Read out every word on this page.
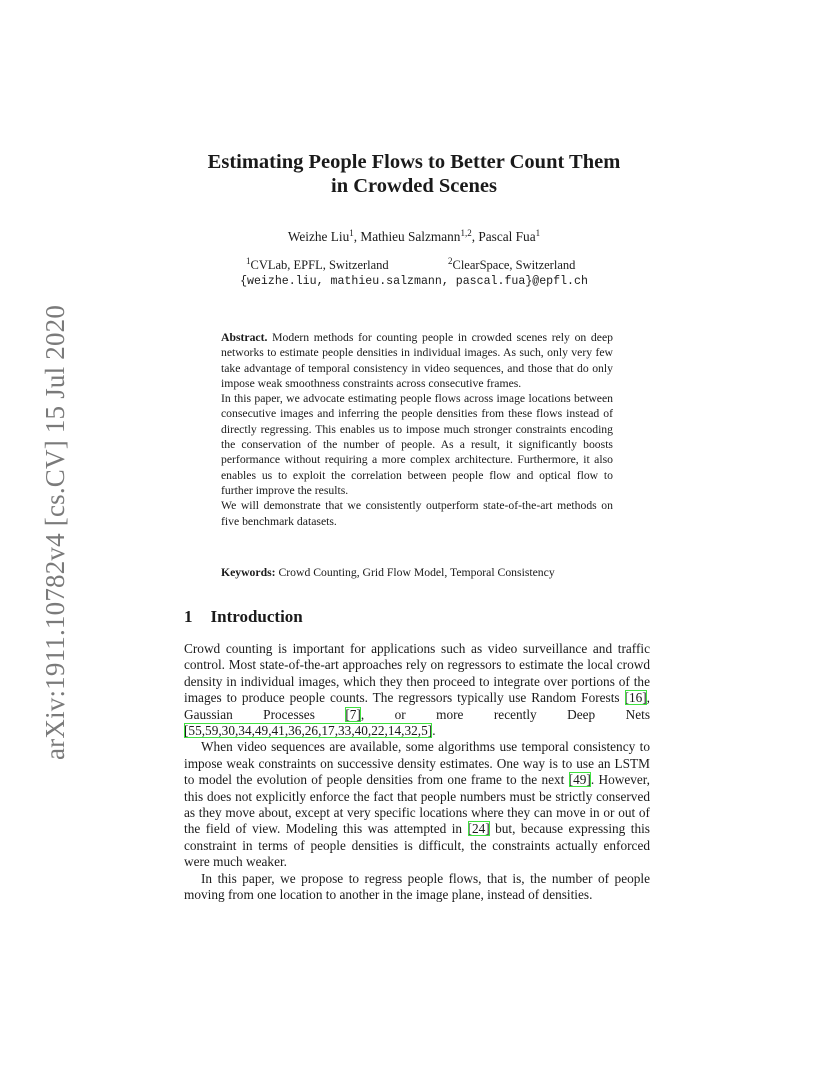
arXiv:1911.10782v4 [cs.CV] 15 Jul 2020
Estimating People Flows to Better Count Them
in Crowded Scenes
Weizhe Liu$^1$, Mathieu Salzmann$^{1,2}$, Pascal Fua$^1$
$^1$CVLab, EPFL, Switzerland	$^2$ClearSpace, Switzerland
{weizhe.liu, mathieu.salzmann, pascal.fua}@epfl.ch

Abstract. Modern methods for counting people in crowded scenes rely on deep networks to estimate people densities in individual images. As such, only very few take advantage of temporal consistency in video sequences, and those that do only impose weak smoothness constraints across consecutive frames.

In this paper, we advocate estimating people flows across image locations between consecutive images and inferring the people densities from these flows instead of directly regressing. This enables us to impose much stronger constraints encoding the conservation of the number of people. As a result, it significantly boosts performance without requiring a more complex architecture. Furthermore, it also enables us to exploit the correlation between people flow and optical flow to further improve the results.

We will demonstrate that we consistently outperform state-of-the-art methods on five benchmark datasets.

Keywords: Crowd Counting, Grid Flow Model, Temporal Consistency
1 Introduction

Crowd counting is important for applications such as video surveillance and traffic control. Most state-of-the-art approaches rely on regressors to estimate the local crowd density in individual images, which they then proceed to integrate over portions of the images to produce people counts. The regressors typically use Random Forests [16], Gaussian Processes [7], or more recently Deep Nets [55,59,30,34,49,41,36,26,17,33,40,22,14,32,5].

When video sequences are available, some algorithms use temporal consistency to impose weak constraints on successive density estimates. One way is to use an LSTM to model the evolution of people densities from one frame to the next [49]. However, this does not explicitly enforce the fact that people numbers must be strictly conserved as they move about, except at very specific locations where they can move in or out of the field of view. Modeling this was attempted in [24] but, because expressing this constraint in terms of people densities is difficult, the constraints actually enforced were much weaker.

In this paper, we propose to regress people flows, that is, the number of people moving from one location to another in the image plane, instead of densities.
